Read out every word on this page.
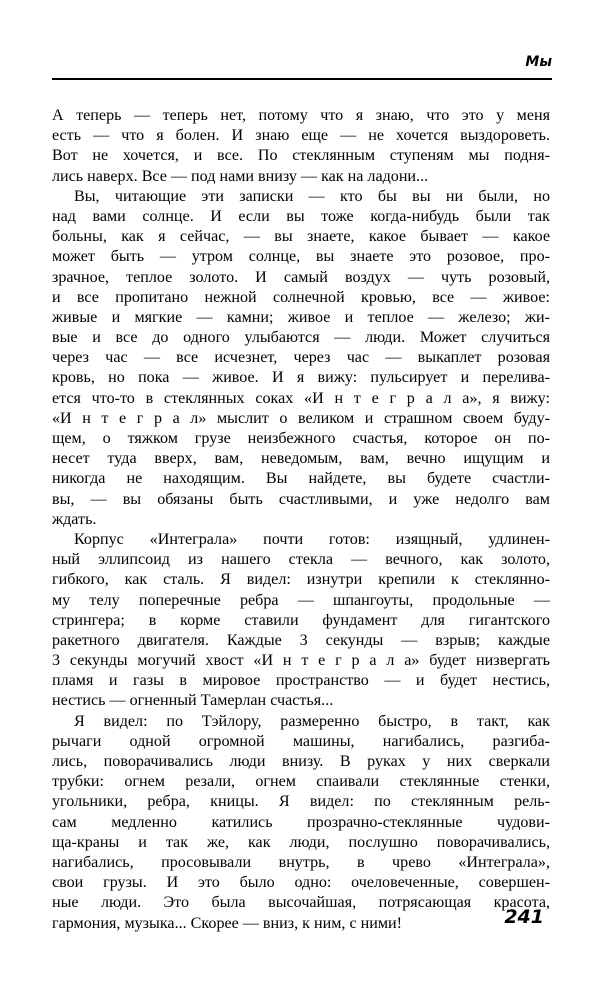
Мы
А теперь — теперь нет, потому что я знаю, что это у меня
есть — что я болен. И знаю еще — не хочется выздороветь.
Вот не хочется, и все. По стеклянным ступеням мы подня-
лись наверх. Все — под нами внизу — как на ладони...
Вы, читающие эти записки — кто бы вы ни были, но
над вами солнце. И если вы тоже когда-нибудь были так
больны, как я сейчас, — вы знаете, какое бывает — какое
может быть — утром солнце, вы знаете это розовое, про-
зрачное, теплое золото. И самый воздух — чуть розовый,
и все пропитано нежной солнечной кровью, все — живое:
живые и мягкие — камни; живое и теплое — железо; жи-
вые и все до одного улыбаются — люди. Может случиться
через час — все исчезнет, через час — выкаплет розовая
кровь, но пока — живое. И я вижу: пульсирует и перелива-
ется что-то в стеклянных соках «И н т е г р а л а», я вижу:
«И н т е г р а л» мыслит о великом и страшном своем буду-
щем, о тяжком грузе неизбежного счастья, которое он по-
несет туда вверх, вам, неведомым, вам, вечно ищущим и
никогда не находящим. Вы найдете, вы будете счастли-
вы, — вы обязаны быть счастливыми, и уже недолго вам
ждать.
Корпус «Интеграла» почти готов: изящный, удлинен-
ный эллипсоид из нашего стекла — вечного, как золото,
гибкого, как сталь. Я видел: изнутри крепили к стеклянно-
му телу поперечные ребра — шпангоуты, продольные —
стрингера; в корме ставили фундамент для гигантского
ракетного двигателя. Каждые 3 секунды — взрыв; каждые
3 секунды могучий хвост «И н т е г р а л а» будет низвергать
пламя и газы в мировое пространство — и будет нестись,
нестись — огненный Тамерлан счастья...
Я видел: по Тэйлору, размеренно быстро, в такт, как
рычаги одной огромной машины, нагибались, разгиба-
лись, поворачивались люди внизу. В руках у них сверкали
трубки: огнем резали, огнем спаивали стеклянные стенки,
угольники, ребра, кницы. Я видел: по стеклянным рель-
сам медленно катились прозрачно-стеклянные чудови-
ща-краны и так же, как люди, послушно поворачивались,
нагибались, просовывали внутрь, в чрево «Интеграла»,
свои грузы. И это было одно: очеловеченные, совершен-
ные люди. Это была высочайшая, потрясающая красота,
гармония, музыка... Скорее — вниз, к ним, с ними!	241
